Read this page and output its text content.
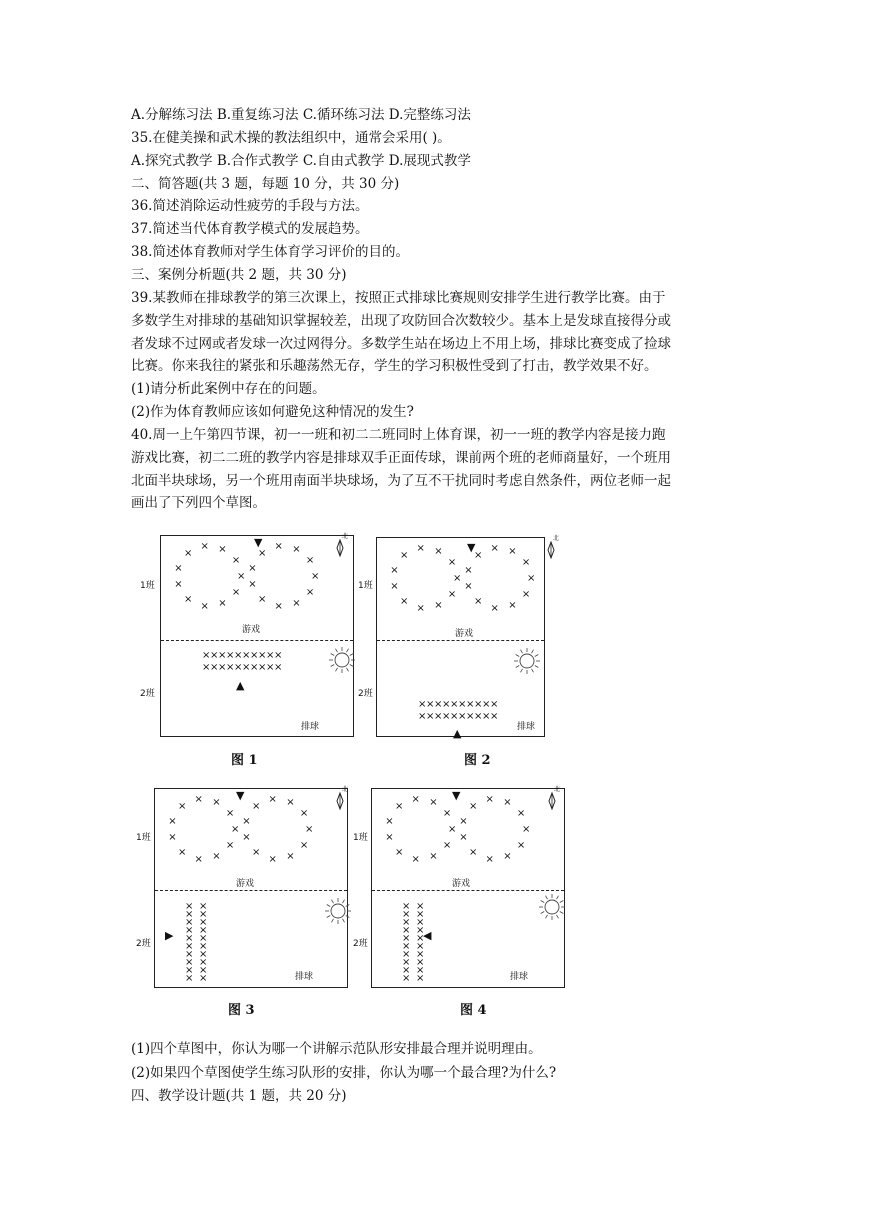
A.分解练习法 B.重复练习法 C.循环练习法 D.完整练习法
35.在健美操和武术操的教法组织中，通常会采用( )。
A.探究式教学 B.合作式教学 C.自由式教学 D.展现式教学
二、简答题(共 3 题，每题 10 分，共 30 分)
36.简述消除运动性疲劳的手段与方法。
37.简述当代体育教学模式的发展趋势。
38.简述体育教师对学生体育学习评价的目的。
三、案例分析题(共 2 题，共 30 分)
39.某教师在排球教学的第三次课上，按照正式排球比赛规则安排学生进行教学比赛。由于
多数学生对排球的基础知识掌握较差，出现了攻防回合次数较少。基本上是发球直接得分或
者发球不过网或者发球一次过网得分。多数学生站在场边上不用上场，排球比赛变成了捡球
比赛。你来我往的紧张和乐趣荡然无存，学生的学习积极性受到了打击，教学效果不好。
(1)请分析此案例中存在的问题。
(2)作为体育教师应该如何避免这种情况的发生?
40.周一上午第四节课，初一一班和初二二班同时上体育课，初一一班的教学内容是接力跑
游戏比赛，初二二班的教学内容是排球双手正面传球，课前两个班的老师商量好，一个班用
北面半块球场，另一个班用南面半块球场，为了互不干扰同时考虑自然条件，两位老师一起
画出了下列四个草图。
1班
2班
×
×
×
×
×
×
×
×
× ×
×
×
×
×
×
×
×
×
×
× ×
×
游戏
× × × × × × × × × ×
× × × × × × × × × ×
▲
▼
排球
北
图 1
1班
2班
×
×
×
×
×
×
×
×
× ×
×
×
×
×
×
×
×
×
×
× ×
×
游戏
× × × × × × × × × ×
× × × × × × × × × ×
▲
▼
排球
北
图 2
1班
2班
×
×
×
×
×
×
×
×
× ×
×
×
×
×
×
×
×
×
×
× ×
×
游戏
×
×
×
×
×
×
×
×
×
×
×
×
×
×
×
×
×
×
×
×
▶
▼
排球
北
图 3
1班
2班
×
×
×
×
×
×
×
×
× ×
×
×
×
×
×
×
×
×
×
× ×
×
游戏
×
×
×
×
×
×
×
×
×
×
×
×
×
×
×
×
×
×
×
×
◀
▼
排球
北
图 4
(1)四个草图中，你认为哪一个讲解示范队形安排最合理并说明理由。
(2)如果四个草图使学生练习队形的安排，你认为哪一个最合理?为什么?
四、教学设计题(共 1 题，共 20 分)
